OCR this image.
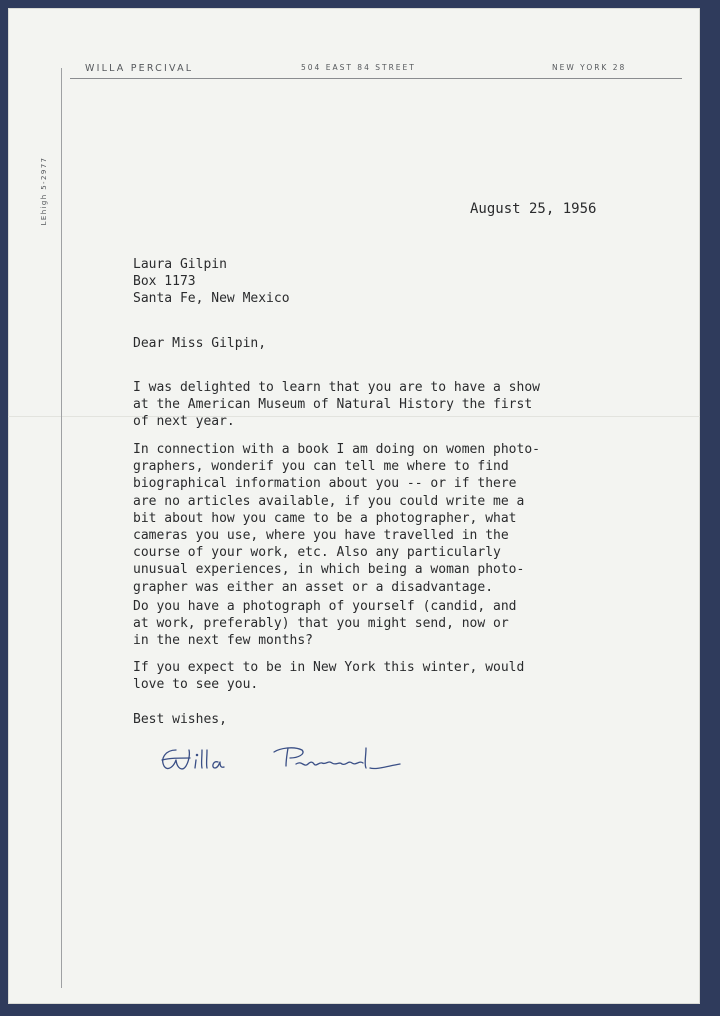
WILLA PERCIVAL	504 EAST 84 STREET	NEW YORK 28
LEhigh 5-2977	August 25, 1956
Laura Gilpin
Box 1173
Santa Fe, New Mexico
Dear Miss Gilpin,
I was delighted to learn that you are to have a show
at the American Museum of Natural History the first
of next year.
In connection with a book I am doing on women photo-
graphers, wonderif you can tell me where to find
biographical information about you -- or if there
are no articles available, if you could write me a
bit about how you came to be a photographer, what
cameras you use, where you have travelled in the
course of your work, etc. Also any particularly
unusual experiences, in which being a woman photo-
grapher was either an asset or a disadvantage.
Do you have a photograph of yourself (candid, and
at work, preferably) that you might send, now or
in the next few months?
If you expect to be in New York this winter, would
love to see you.
Best wishes,
